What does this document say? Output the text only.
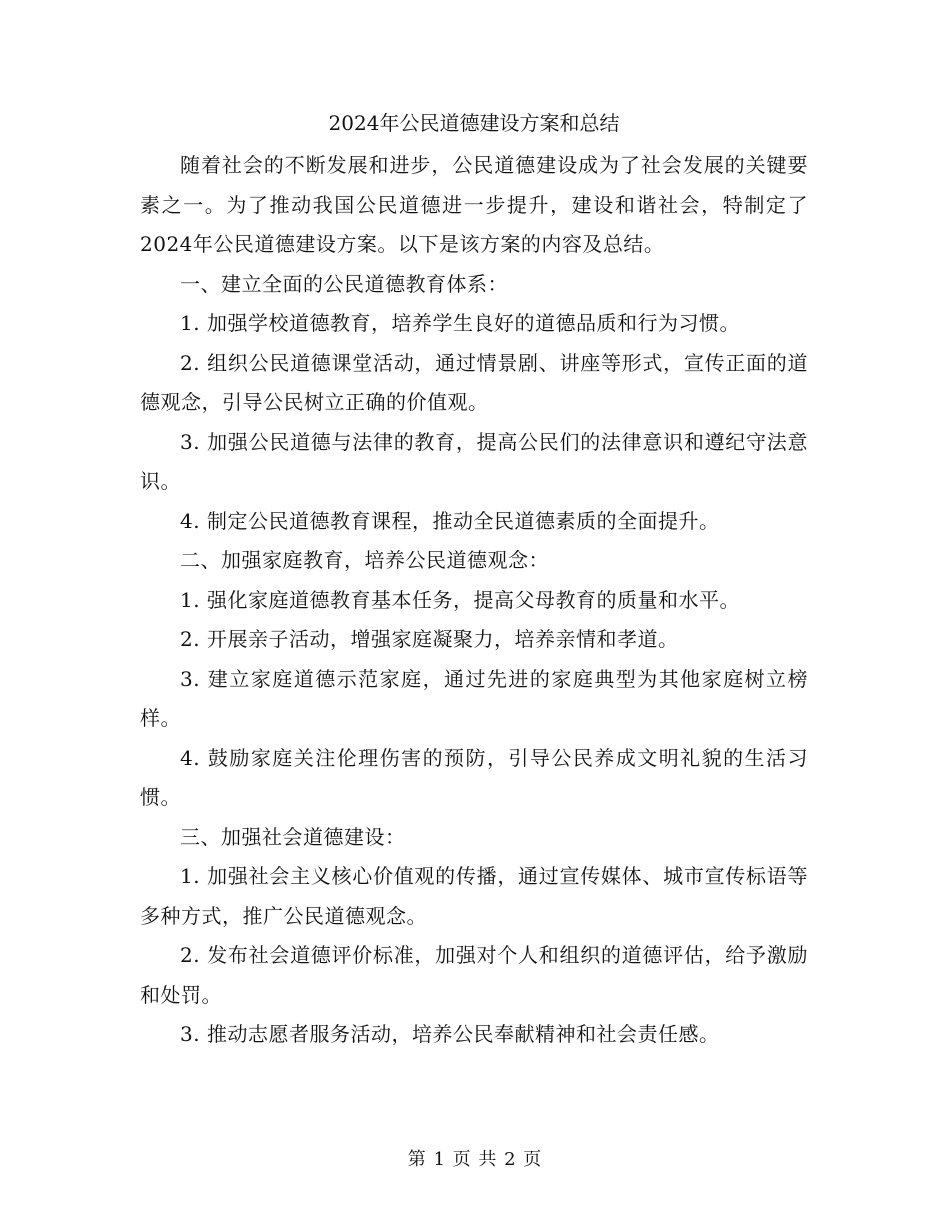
2024年公民道德建设方案和总结

随着社会的不断发展和进步，公民道德建设成为了社会发展的关键要素之一。为了推动我国公民道德进一步提升，建设和谐社会，特制定了2024年公民道德建设方案。以下是该方案的内容及总结。

一、建立全面的公民道德教育体系：

1. 加强学校道德教育，培养学生良好的道德品质和行为习惯。

2. 组织公民道德课堂活动，通过情景剧、讲座等形式，宣传正面的道德观念，引导公民树立正确的价值观。

3. 加强公民道德与法律的教育，提高公民们的法律意识和遵纪守法意识。

4. 制定公民道德教育课程，推动全民道德素质的全面提升。

二、加强家庭教育，培养公民道德观念：

1. 强化家庭道德教育基本任务，提高父母教育的质量和水平。

2. 开展亲子活动，增强家庭凝聚力，培养亲情和孝道。

3. 建立家庭道德示范家庭，通过先进的家庭典型为其他家庭树立榜样。

4. 鼓励家庭关注伦理伤害的预防，引导公民养成文明礼貌的生活习惯。

三、加强社会道德建设：

1. 加强社会主义核心价值观的传播，通过宣传媒体、城市宣传标语等多种方式，推广公民道德观念。

2. 发布社会道德评价标准，加强对个人和组织的道德评估，给予激励和处罚。

3. 推动志愿者服务活动，培养公民奉献精神和社会责任感。

第 1 页 共 2 页
